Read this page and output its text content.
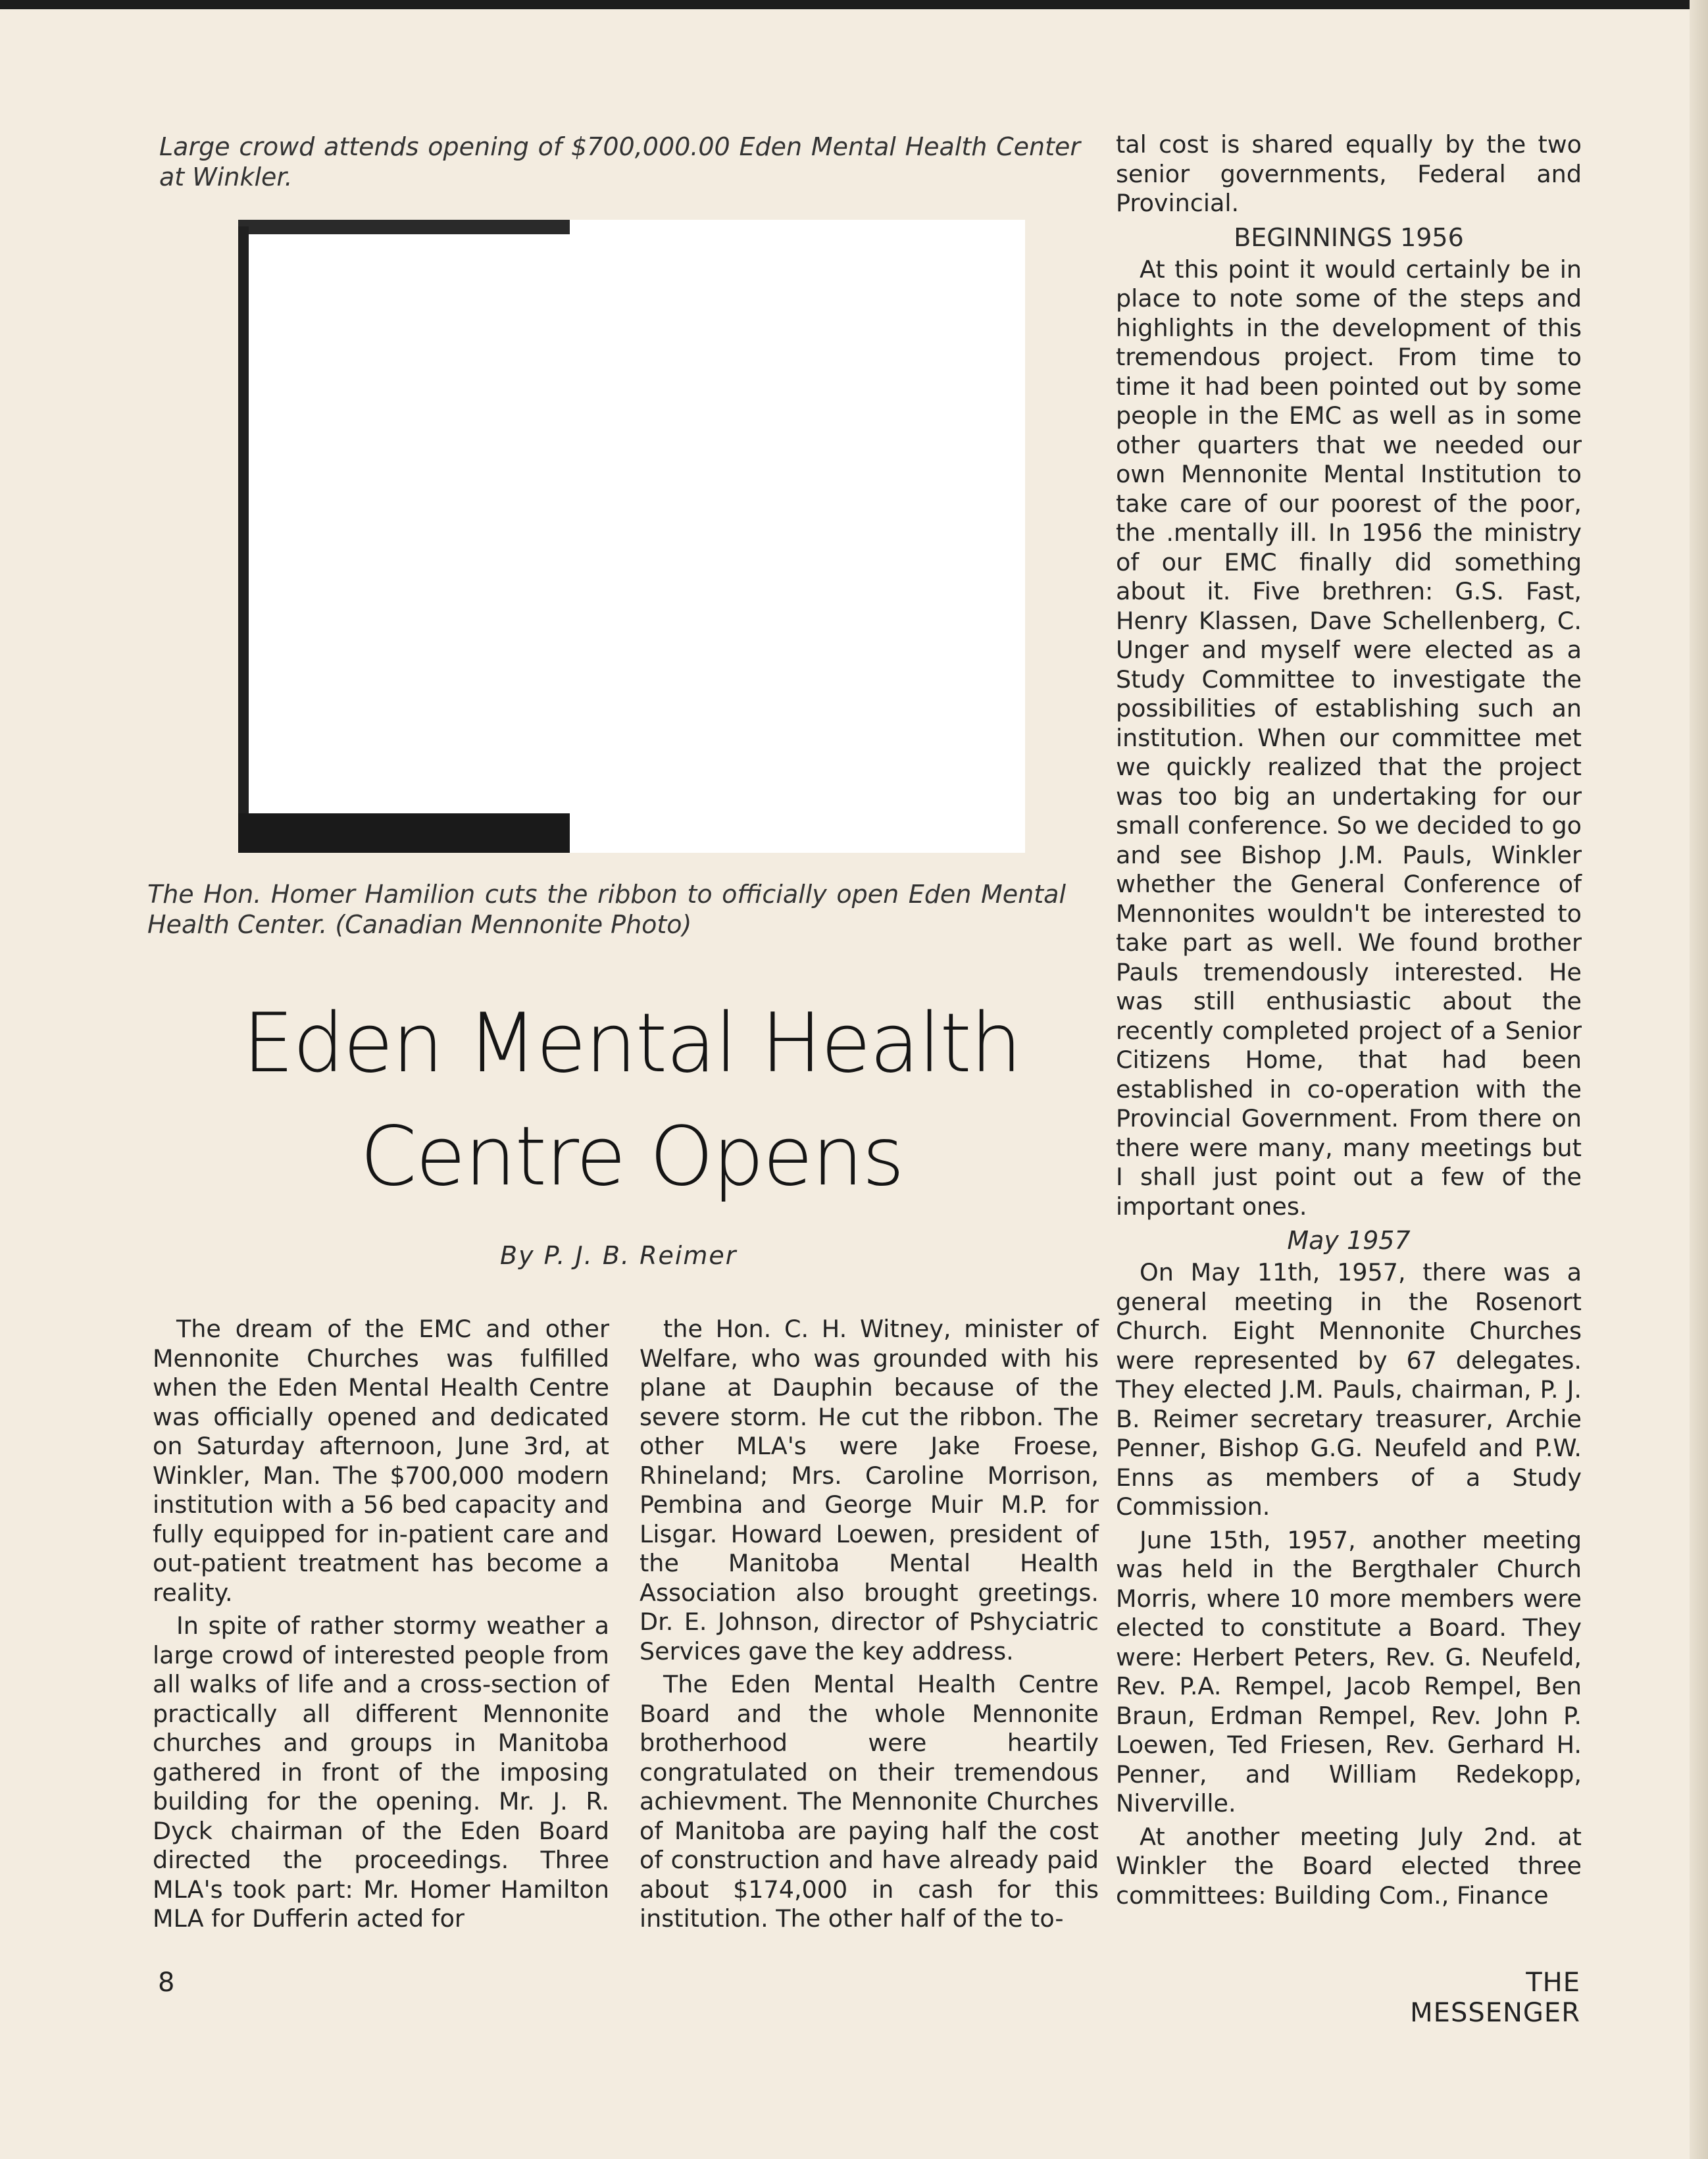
Large crowd attends opening of $700,000.00 Eden Mental Health Center at Winkler.
The Hon. Homer Hamilion cuts the ribbon to officially open Eden Mental Health Center. (Canadian Mennonite Photo)
Eden Mental Health
Centre Opens
By P. J. B. Reimer

The dream of the EMC and other Mennonite Churches was fulfilled when the Eden Mental Health Centre was officially opened and dedicated on Saturday afternoon, June 3rd, at Winkler, Man. The $700,000 modern institution with a 56 bed capacity and fully equipped for in-patient care and out-patient treatment has become a reality.

In spite of rather stormy weather a large crowd of interested people from all walks of life and a cross-section of practically all different Mennonite churches and groups in Manitoba gathered in front of the imposing building for the opening. Mr. J. R. Dyck chairman of the Eden Board directed the proceedings. Three MLA's took part: Mr. Homer Hamilton MLA for Dufferin acted for

the Hon. C. H. Witney, minister of Welfare, who was grounded with his plane at Dauphin because of the severe storm. He cut the ribbon. The other MLA's were Jake Froese, Rhineland; Mrs. Caroline Morrison, Pembina and George Muir M.P. for Lisgar. Howard Loewen, president of the Manitoba Mental Health Association also brought greetings. Dr. E. Johnson, director of Pshyciatric Services gave the key address.

The Eden Mental Health Centre Board and the whole Mennonite brotherhood were heartily congratulated on their tremendous achievment. The Mennonite Churches of Manitoba are paying half the cost of construction and have already paid about $174,000 in cash for this institution. The other half of the to-

tal cost is shared equally by the two senior governments, Federal and Provincial.

BEGINNINGS 1956

At this point it would certainly be in place to note some of the steps and highlights in the development of this tremendous project. From time to time it had been pointed out by some people in the EMC as well as in some other quarters that we needed our own Mennonite Mental Institution to take care of our poorest of the poor, the .mentally ill. In 1956 the ministry of our EMC finally did something about it. Five brethren: G.S. Fast, Henry Klassen, Dave Schellenberg, C. Unger and myself were elected as a Study Committee to investigate the possibilities of establishing such an institution. When our committee met we quickly realized that the project was too big an undertaking for our small conference. So we decided to go and see Bishop J.M. Pauls, Winkler whether the General Conference of Mennonites wouldn't be interested to take part as well. We found brother Pauls tremendously interested. He was still enthusiastic about the recently completed project of a Senior Citizens Home, that had been established in co-operation with the Provincial Government. From there on there were many, many meetings but I shall just point out a few of the important ones.

May 1957

On May 11th, 1957, there was a general meeting in the Rosenort Church. Eight Mennonite Churches were represented by 67 delegates. They elected J.M. Pauls, chairman, P. J. B. Reimer secretary treasurer, Archie Penner, Bishop G.G. Neufeld and P.W. Enns as members of a Study Commission.

June 15th, 1957, another meeting was held in the Bergthaler Church Morris, where 10 more members were elected to constitute a Board. They were: Herbert Peters, Rev. G. Neufeld, Rev. P.A. Rempel, Jacob Rempel, Ben Braun, Erdman Rempel, Rev. John P. Loewen, Ted Friesen, Rev. Gerhard H. Penner, and William Redekopp, Niverville.

At another meeting July 2nd. at Winkler the Board elected three committees: Building Com., Finance

8	THE MESSENGER
